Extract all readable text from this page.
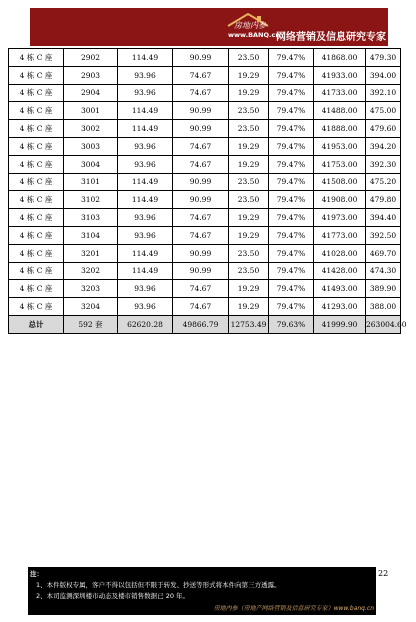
房地内参
www.BANQ.cn
网络营销及信息研究专家
4 栋 C 座	2902	114.49	90.99	23.50	79.47%	41868.00	479.30
4 栋 C 座	2903	93.96	74.67	19.29	79.47%	41933.00	394.00
4 栋 C 座	2904	93.96	74.67	19.29	79.47%	41733.00	392.10
4 栋 C 座	3001	114.49	90.99	23.50	79.47%	41488.00	475.00
4 栋 C 座	3002	114.49	90.99	23.50	79.47%	41888.00	479.60
4 栋 C 座	3003	93.96	74.67	19.29	79.47%	41953.00	394.20
4 栋 C 座	3004	93.96	74.67	19.29	79.47%	41753.00	392.30
4 栋 C 座	3101	114.49	90.99	23.50	79.47%	41508.00	475.20
4 栋 C 座	3102	114.49	90.99	23.50	79.47%	41908.00	479.80
4 栋 C 座	3103	93.96	74.67	19.29	79.47%	41973.00	394.40
4 栋 C 座	3104	93.96	74.67	19.29	79.47%	41773.00	392.50
4 栋 C 座	3201	114.49	90.99	23.50	79.47%	41028.00	469.70
4 栋 C 座	3202	114.49	90.99	23.50	79.47%	41428.00	474.30
4 栋 C 座	3203	93.96	74.67	19.29	79.47%	41493.00	389.90
4 栋 C 座	3204	93.96	74.67	19.29	79.47%	41293.00	388.00
总计	592 套	62620.28	49866.79	12753.49	79.63%	41999.90	263004.60
22
注：
1、本件版权专属，客户不得以包括但不限于转发、抄送等形式将本件向第三方透露。
2、本司监测深圳楼市动态及楼市销售数据已 20 年。
房地内参（房地产网络营销及信息研究专家）www.banq.cn
